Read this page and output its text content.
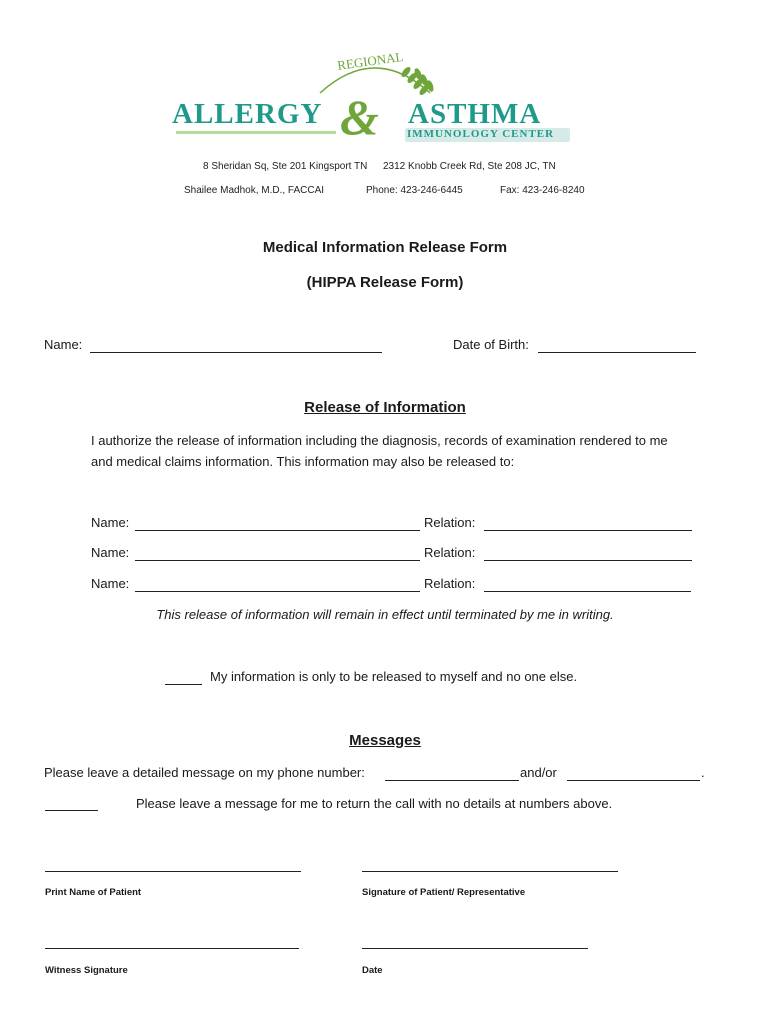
REGIONAL
ALLERGY & ASTHMA
IMMUNOLOGY CENTER
8 Sheridan Sq, Ste 201 Kingsport TN 2312 Knobb Creek Rd, Ste 208 JC, TN
Shailee Madhok, M.D., FACCAI	Phone: 423-246-6445	Fax: 423-246-8240
Medical Information Release Form
(HIPPA Release Form)
Name:	Date of Birth:
Release of Information
I authorize the release of information including the diagnosis, records of examination rendered to me
and medical claims information. This information may also be released to:
Name:	Relation:
Name:	Relation:
Name:	Relation:
This release of information will remain in effect until terminated by me in writing.
My information is only to be released to myself and no one else.
Messages
Please leave a detailed message on my phone number:	and/or	.
Please leave a message for me to return the call with no details at numbers above.
Print Name of Patient	Signature of Patient/ Representative
Witness Signature	Date
